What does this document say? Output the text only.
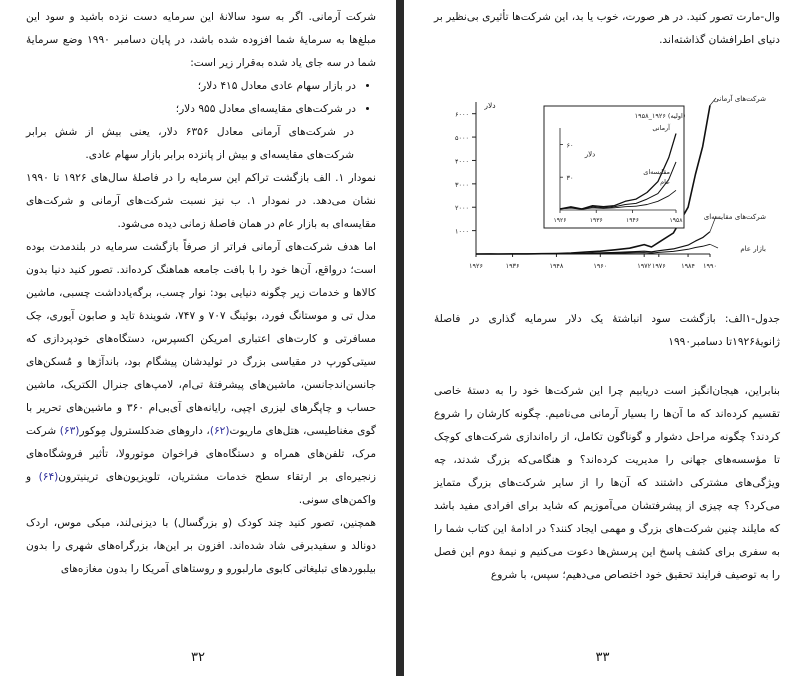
شرکت آرمانی. اگر به سود سالانهٔ این سرمایه دست نزده باشید و سود این مبلغ‌ها به سرمایهٔ شما افزوده شده باشد، در پایان دسامبر ۱۹۹۰ وضع سرمایهٔ شما در سه جای یاد شده به‌قرار زیر است:

• در بازار سهام عادی معادل ۴۱۵ دلار؛
• در شرکت‌های مقایسه‌ای معادل ۹۵۵ دلار؛

در شرکت‌های آرمانی معادل ۶۳۵۶ دلار، یعنی بیش از شش برابر شرکت‌های مقایسه‌ای و بیش از پانزده برابر بازار سهام عادی.

نمودار ۱. الف بازگشت تراکم این سرمایه را در فاصلهٔ سال‌های ۱۹۲۶ تا ۱۹۹۰ نشان می‌دهد. در نمودار ۱. ب نیز نسبت شرکت‌های آرمانی و شرکت‌های مقایسه‌ای به بازار عام در همان فاصلهٔ زمانی دیده می‌شود.

اما هدف شرکت‌های آرمانی فراتر از صرفاً بازگشت سرمایه در بلندمدت بوده است؛ درواقع، آن‌ها خود را با بافت جامعه هماهنگ کرده‌اند. تصور کنید دنیا بدون کالاها و خدمات زیر چگونه دنیایی بود: نوار چسب، برگه‌یادداشت چسبی، ماشین مدل تی و موستانگ فورد، بوئینگ ۷۰۷ و ۷۴۷، شویندهٔ تاید و صابون آیوری، چک مسافرتی و کارت‌های اعتباری امریکن اکسپرس، دستگاه‌های خودپردازی که سیتی‌کورپ در مقیاسی بزرگ در تولیدشان پیشگام بود، باندآژها و مُسکن‌های جانسن‌اندجانسن، ماشین‌های پیشرفتهٔ تی‌ام، لامپ‌های جنرال الکتریک، ماشین حساب و چاپگرهای لیزری اچپی، رایانه‌های آی‌بی‌ام ۳۶۰ و ماشین‌های تحریر با گوی مغناطیسی، هتل‌های ماریوت(۶۲)، داروهای ضدکلسترول مِوکور(۶۳) شرکت مرک، تلفن‌های همراه و دستگاه‌های فراخوان موتورولا، تأثیر فروشگاه‌های زنجیره‌ای بر ارتقاء سطح خدمات مشتریان، تلویزیون‌های ترینیترون(۶۴) و واکمن‌های سونی.

همچنین، تصور کنید چند کودک (و بزرگسال) با دیزنی‌لند، میکی موس، اردک دونالد و سفیدبرفی شاد شده‌اند. افزون بر این‌ها، بزرگراه‌های شهری را بدون بیلبوردهای تبلیغاتی کابوی مارلبورو و روستاهای آمریکا را بدون مغازه‌های

۳۲
وال-مارت تصور کنید. در هر صورت، خوب یا بد، این شرکت‌ها تأثیری بی‌نظیر بر دنیای اطرافشان گذاشته‌اند.
۱۰۰۰
۲۰۰۰
۳۰۰۰
۴۰۰۰
۵۰۰۰
۶۰۰۰
دلار
۱۹۲۶	۱۹۳۶	۱۹۴۸	۱۹۶۰	۱۹۷۲ ۱۹۷۶ ۱۹۸۴ ۱۹۹۰
۱۹۵۸_۱۹۲۶ (اولیه)
۳۰
۶۰
دلار
۱۹۲۶	۱۹۳۶	۱۹۴۶	۱۹۵۸
آرمانی
مقایسه‌ای
عام
شرکت‌های آرمانی
شرکت‌های مقایسه‌ای
بازار عام
جدول-۱الف: بازگشت سود انباشتهٔ یک دلار سرمایه گذاری در فاصلهٔ ژانویهٔ۱۹۲۶تا دسامبر۱۹۹۰
بنابراین، هیجان‌انگیز است دریابیم چرا این شرکت‌ها خود را به دستهٔ خاصی تقسیم کرده‌اند که ما آن‌ها را بسیار آرمانی می‌نامیم. چگونه کارشان را شروع کردند؟ چگونه مراحل دشوار و گوناگون تکامل، از راه‌اندازی شرکت‌های کوچک تا مؤسسه‌های جهانی را مدیریت کرده‌اند؟ و هنگامی‌که بزرگ شدند، چه ویژگی‌های مشترکی داشتند که آن‌ها را از سایر شرکت‌های بزرگ متمایز می‌کرد؟ چه چیزی از پیشرفتشان می‌آموزیم که شاید برای افرادی مفید باشد که مایلند چنین شرکت‌های بزرگ و مهمی ایجاد کنند؟ در ادامهٔ این کتاب شما را به سفری برای کشف پاسخ این پرسش‌ها دعوت می‌کنیم و نیمهٔ دوم این فصل را به توصیف فرایند تحقیق خود اختصاص می‌دهیم؛ سپس، با شروع
۳۳
